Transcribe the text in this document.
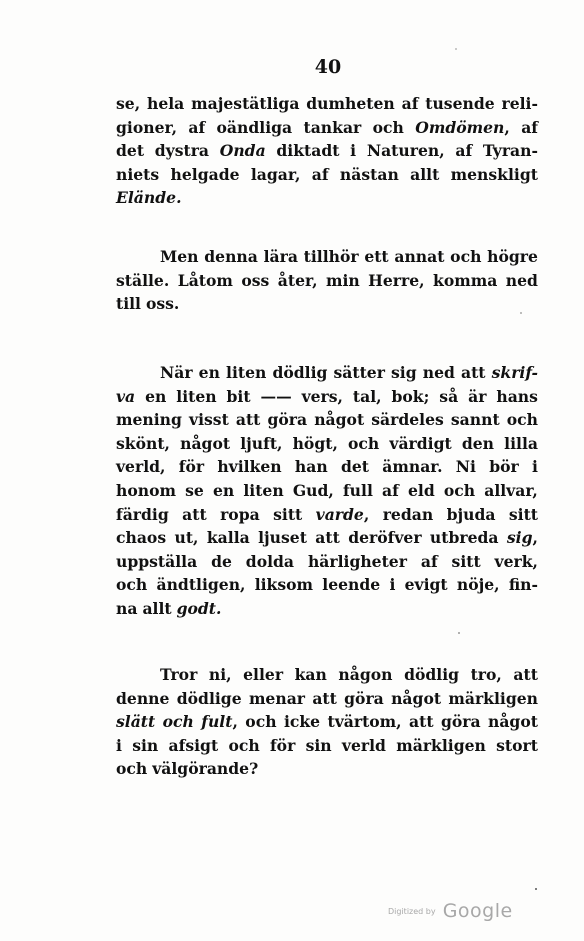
40
se, hela majestätliga dumheten af tusende reli-
gioner, af oändliga tankar och Omdömen, af
det dystra Onda diktadt i Naturen, af Tyran-
niets helgade lagar, af nästan allt menskligt
Elände.
Men denna lära tillhör ett annat och högre
ställe. Låtom oss åter, min Herre, komma ned
till oss.
När en liten dödlig sätter sig ned att skrif-
va en liten bit —— vers, tal, bok; så är hans
mening visst att göra något särdeles sannt och
skönt, något ljuft, högt, och värdigt den lilla
verld, för hvilken han det ämnar. Ni bör i
honom se en liten Gud, full af eld och allvar,
färdig att ropa sitt varde, redan bjuda sitt
chaos ut, kalla ljuset att deröfver utbreda sig,
uppställa de dolda härligheter af sitt verk,
och ändtligen, liksom leende i evigt nöje, fin-
na allt godt.
Tror ni, eller kan någon dödlig tro, att
denne dödlige menar att göra något märkligen
slätt och fult, och icke tvärtom, att göra något
i sin afsigt och för sin verld märkligen stort
och välgörande?
Digitized by Google
